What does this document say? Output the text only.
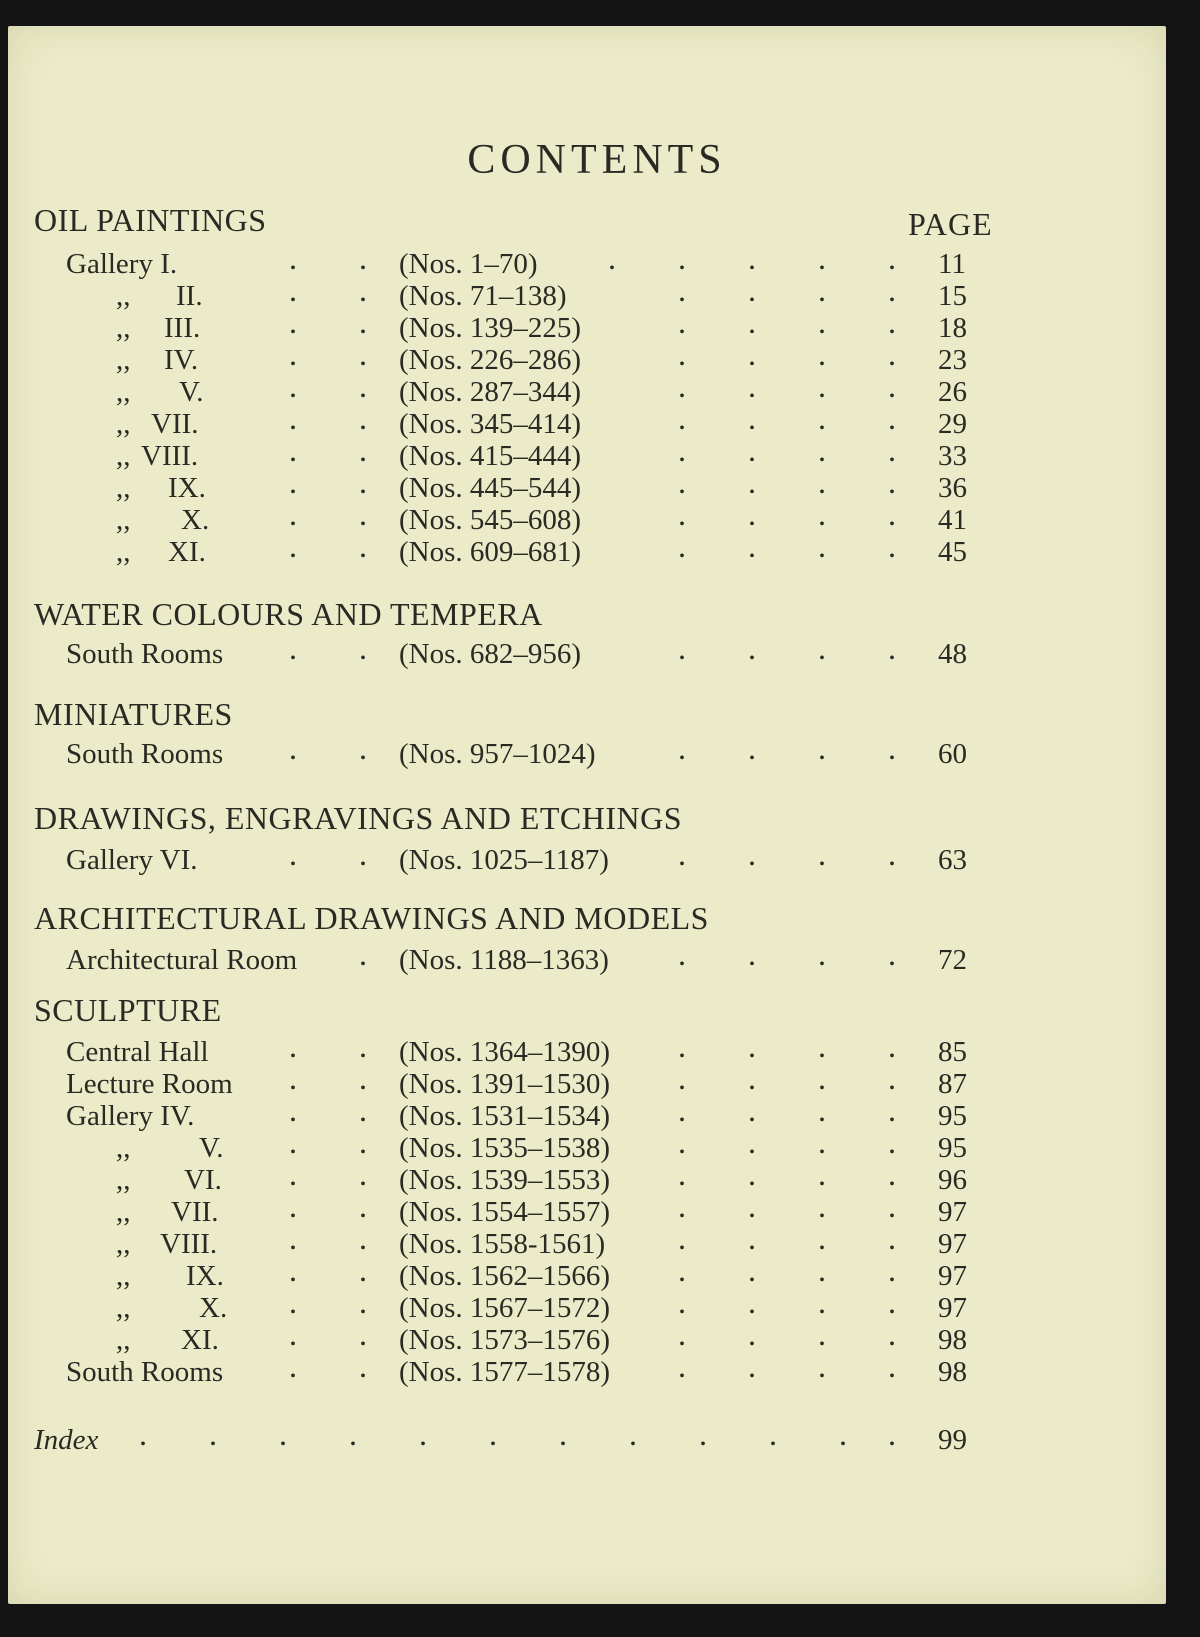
CONTENTS
PAGE
OIL PAINTINGS
Gallery I.	. . (Nos. 1–70) . . . . . 11
,, II.	. . (Nos. 71–138)	. . . . 15
,, III.	. . (Nos. 139–225)	. . . . 18
,, IV.	. . (Nos. 226–286)	. . . . 23
,, V.	. . (Nos. 287–344)	. . . . 26
,, VII.	. . (Nos. 345–414)	. . . . 29
,, VIII.	. . (Nos. 415–444)	. . . . 33
,, IX.	. . (Nos. 445–544)	. . . . 36
,, X. . . (Nos. 545–608)	. . . . 41
,, XI.	. . (Nos. 609–681)	. . . . 45
WATER COLOURS AND TEMPERA
South Rooms . . (Nos. 682–956)	. . . . 48
MINIATURES
South Rooms . . (Nos. 957–1024)	. . . . 60
DRAWINGS, ENGRAVINGS AND ETCHINGS
Gallery VI.	. . (Nos. 1025–1187) . . . . 63
ARCHITECTURAL DRAWINGS AND MODELS
Architectural Room . (Nos. 1188–1363) . . . . 72
SCULPTURE
Central Hall	. . (Nos. 1364–1390) . . . . 85
Lecture Room . . (Nos. 1391–1530) . . . . 87
Gallery IV.	. . (Nos. 1531–1534) . . . . 95
,, V. . . (Nos. 1535–1538) . . . . 95
,, VI. . . (Nos. 1539–1553) . . . . 96
,, VII. . . (Nos. 1554–1557) . . . . 97
,, VIII. . . (Nos. 1558-1561) . . . . 97
,, IX. . . (Nos. 1562–1566) . . . . 97
,, X. . . (Nos. 1567–1572) . . . . 97
,, XI. . . (Nos. 1573–1576) . . . . 98
South Rooms . . (Nos. 1577–1578) . . . . 98
Index . . . . . . . . . . . . 99
